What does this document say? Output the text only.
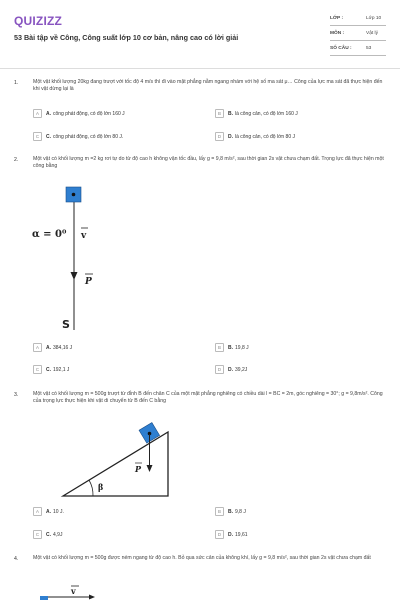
QUIZIZZ
53 Bài tập về Công, Công suất lớp 10 cơ bản, nâng cao có lời giải
LỚP :	Lớp 10
MÔN :	Vật lý
SỐ CÂU :	53
1.	Một vật khối lượng 20kg đang trượt với tốc độ 4 m/s thì đi vào mặt phẳng nằm ngang nhám với hệ số ma sát μ… Công của lực ma sát đã thực hiện đến khi vật dừng lại là
A	A. công phát động, có độ lớn 160 J	B	B. là công cản, có độ lớn 160 J
C	C. công phát động, có độ lớn 80 J.	D	D. là công cản, có độ lớn 80 J
2.	Một vật có khối lượng m =2 kg rơi tự do từ độ cao h không vận tốc đầu, lấy g = 9,8 m/s², sau thời gian 2s vật chưa chạm đất. Trọng lực đã thực hiện một công bằng
α = 0⁰ v
P
S
A	A. 384,16 J	B	B. 19,8 J
C	C. 192,1 J	D	D. 39,2J
3.	Một vật có khối lượng m = 500g trượt từ đỉnh B đến chân C của một mặt phẳng nghiêng có chiều dài l = BC = 2m, góc nghiêng = 30°; g = 9,8m/s². Công của trọng lực thực hiện khi vật di chuyển từ B đến C bằng
β
P
A	A. 10 J.	B	B. 9,8 J
C	C. 4,9J	D	D. 19,61
4.	Một vật có khối lượng m = 500g được ném ngang từ độ cao h. Bỏ qua sức cản của không khí, lấy g = 9,8 m/s², sau thời gian 2s vật chưa chạm đất
v
